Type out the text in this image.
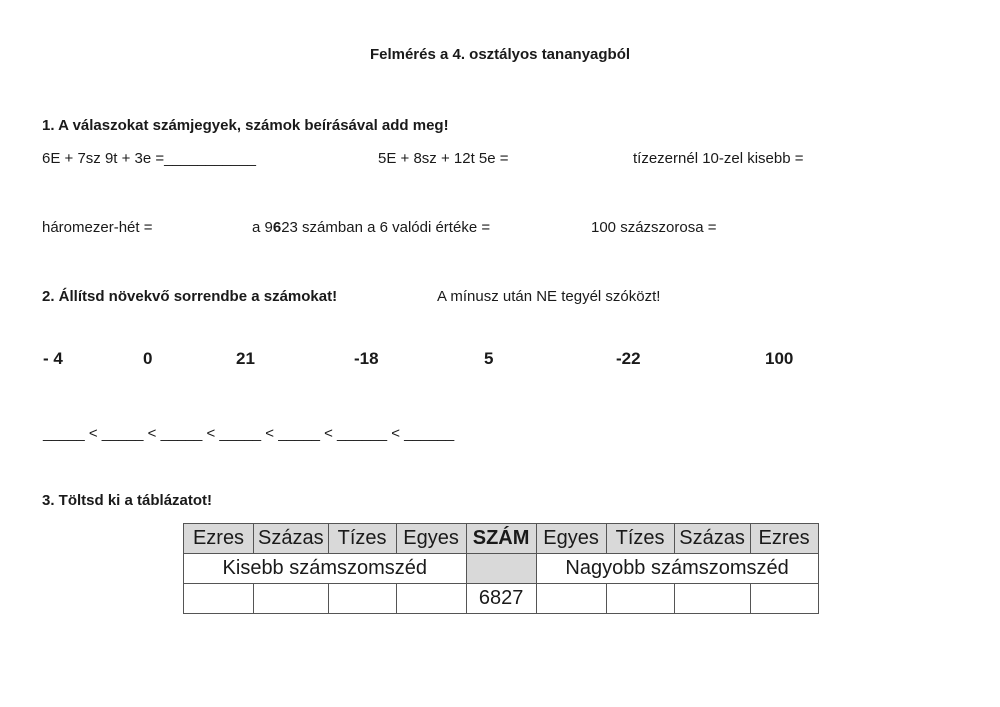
Felmérés a 4. osztályos tananyagból
1. A válaszokat számjegyek, számok beírásával add meg!
6E + 7sz 9t + 3e =___________	5E + 8sz + 12t 5e =	tízezernél 10-zel kisebb =
háromezer-hét =	a 9623 számban a 6 valódi értéke =	100 százszorosa =
2. Állítsd növekvő sorrendbe a számokat!	A mínusz után NE tegyél szóközt!
- 4	0	21	-18	5	-22	100
_____ < _____ < _____ < _____ < _____ < ______ < ______
3. Töltsd ki a táblázatot!
Ezres	Százas	Tízes	Egyes	SZÁM	Egyes	Tízes	Százas	Ezres
Kisebb számszomszéd					Nagyobb számszomszéd			
				6827				
